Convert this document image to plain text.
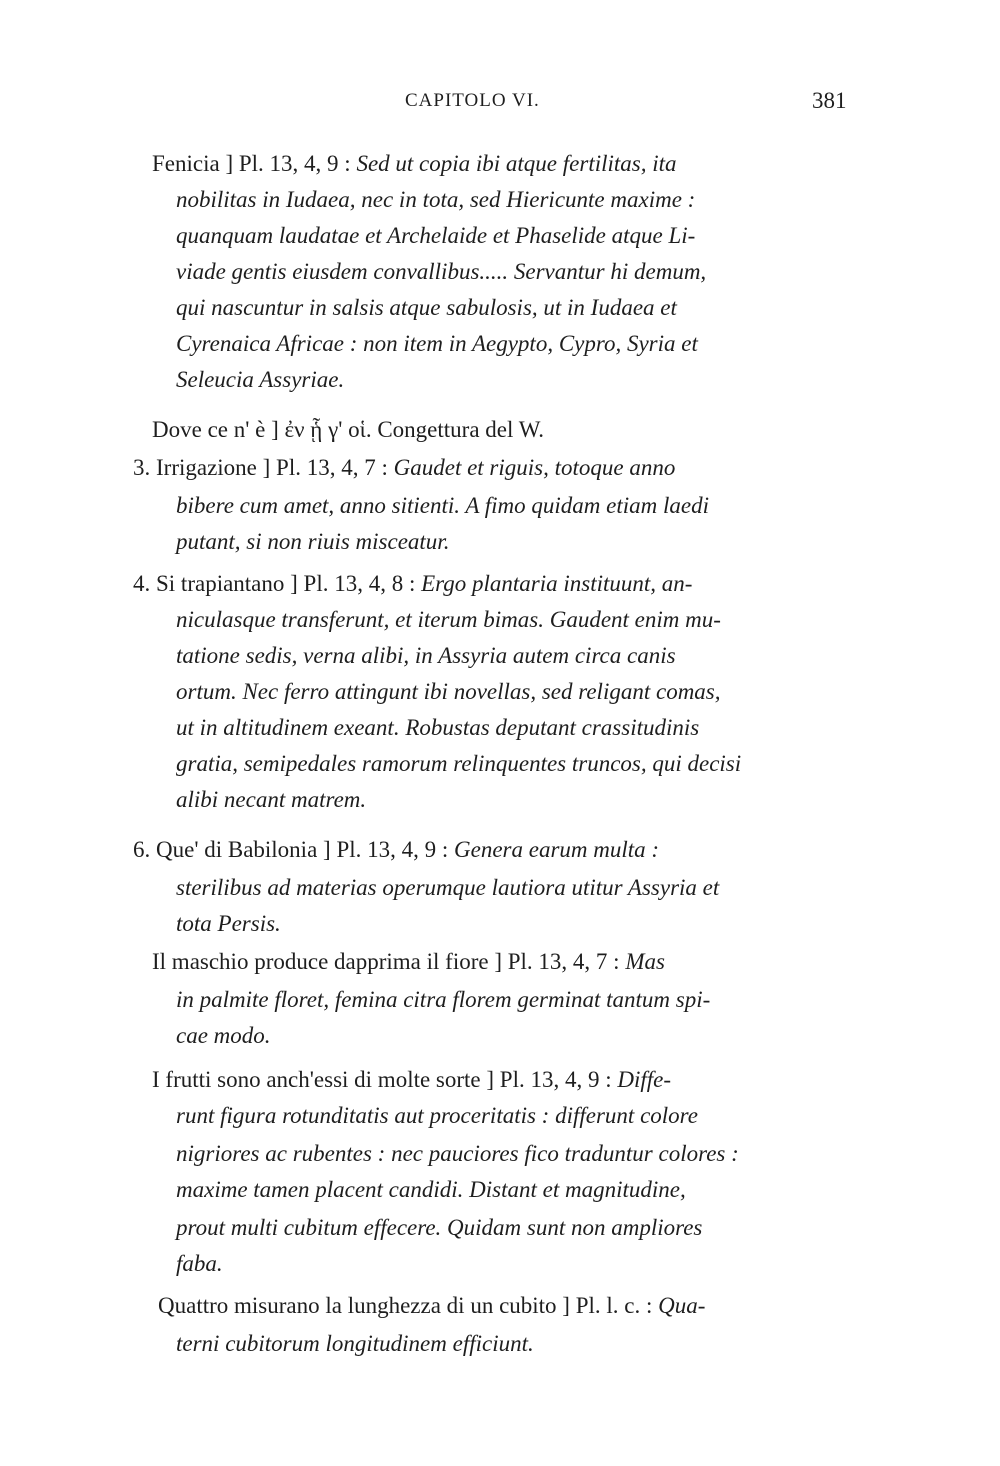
CAPITOLO VI.	381
Fenicia ] Pl. 13, 4, 9 : Sed ut copia ibi atque fertilitas, ita
nobilitas in Iudaea, nec in tota, sed Hiericunte maxime :
quanquam laudatae et Archelaide et Phaselide atque Li-
viade gentis eiusdem convallibus..... Servantur hi demum,
qui nascuntur in salsis atque sabulosis, ut in Iudaea et
Cyrenaica Africae : non item in Aegypto, Cypro, Syria et
Seleucia Assyriae.
Dove ce n' è ] ἐν ᾗ γ' οἱ. Congettura del W.
3. Irrigazione ] Pl. 13, 4, 7 : Gaudet et riguis, totoque anno
bibere cum amet, anno sitienti. A fimo quidam etiam laedi
putant, si non riuis misceatur.
4. Si trapiantano ] Pl. 13, 4, 8 : Ergo plantaria instituunt, an-
niculasque transferunt, et iterum bimas. Gaudent enim mu-
tatione sedis, verna alibi, in Assyria autem circa canis
ortum. Nec ferro attingunt ibi novellas, sed religant comas,
ut in altitudinem exeant. Robustas deputant crassitudinis
gratia, semipedales ramorum relinquentes truncos, qui decisi
alibi necant matrem.
6. Que' di Babilonia ] Pl. 13, 4, 9 : Genera earum multa :
sterilibus ad materias operumque lautiora utitur Assyria et
tota Persis.
Il maschio produce dapprima il fiore ] Pl. 13, 4, 7 : Mas
in palmite floret, femina citra florem germinat tantum spi-
cae modo.
I frutti sono anch'essi di molte sorte ] Pl. 13, 4, 9 : Diffe-
runt figura rotunditatis aut proceritatis : differunt colore
nigriores ac rubentes : nec pauciores fico traduntur colores :
maxime tamen placent candidi. Distant et magnitudine,
prout multi cubitum effecere. Quidam sunt non ampliores
faba.
Quattro misurano la lunghezza di un cubito ] Pl. l. c. : Qua-
terni cubitorum longitudinem efficiunt.
